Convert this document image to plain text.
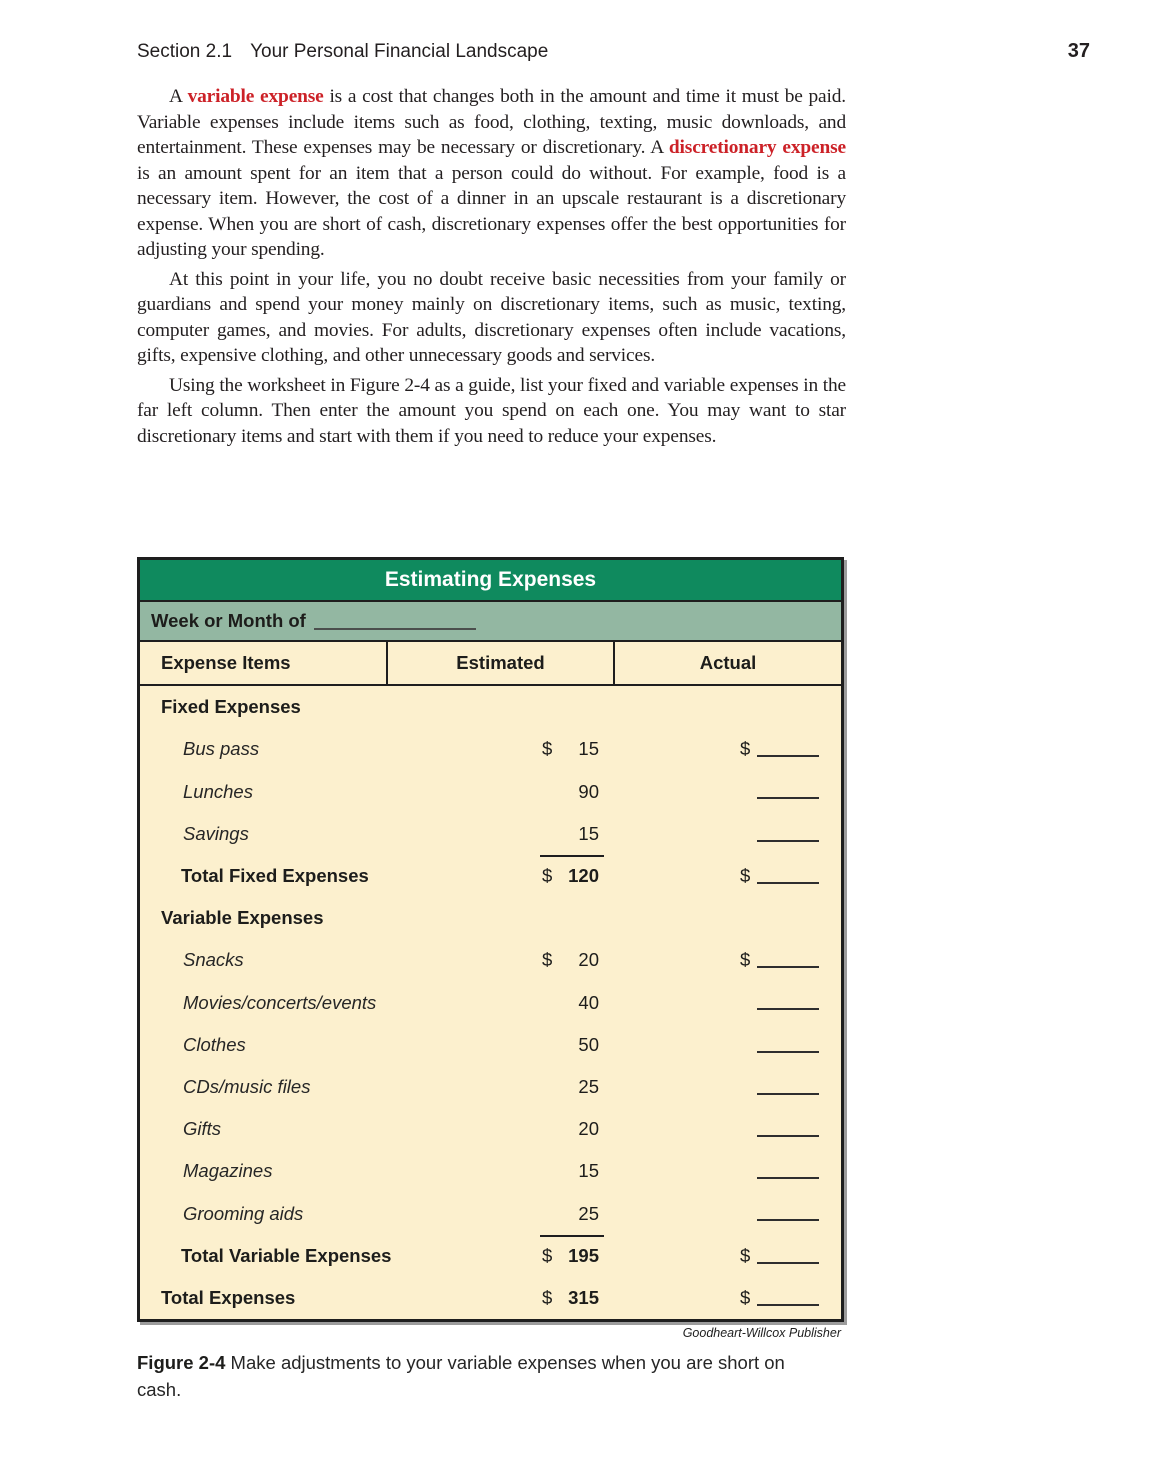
Section 2.1 Your Personal Financial Landscape	37

A variable expense is a cost that changes both in the amount and time it must be paid. Variable expenses include items such as food, clothing, texting, music downloads, and entertainment. These expenses may be necessary or discretionary. A discretionary expense is an amount spent for an item that a person could do without. For example, food is a necessary item. However, the cost of a dinner in an upscale restaurant is a discretionary expense. When you are short of cash, discretionary expenses offer the best opportunities for adjusting your spending.

At this point in your life, you no doubt receive basic necessities from your family or guardians and spend your money mainly on discretionary items, such as music, texting, computer games, and movies. For adults, discretionary expenses often include vacations, gifts, expensive clothing, and other unnecessary goods and services.

Using the worksheet in Figure 2-4 as a guide, list your fixed and variable expenses in the far left column. Then enter the amount you spend on each one. You may want to star discretionary items and start with them if you need to reduce your expenses.

Estimating Expenses
Week or Month of
Expense Items	Estimated	Actual
Fixed Expenses
Bus pass	$ 15	$
Lunches	90
Savings	15
Total Fixed Expenses	$ 120	$
Variable Expenses
Snacks	$ 20	$
Movies/concerts/events	40
Clothes	50
CDs/music files	25
Gifts	20
Magazines	15
Grooming aids	25
Total Variable Expenses	$ 195	$
Total Expenses	$ 315	$
Goodheart-Willcox Publisher
Figure 2-4 Make adjustments to your variable expenses when you are short on cash.
